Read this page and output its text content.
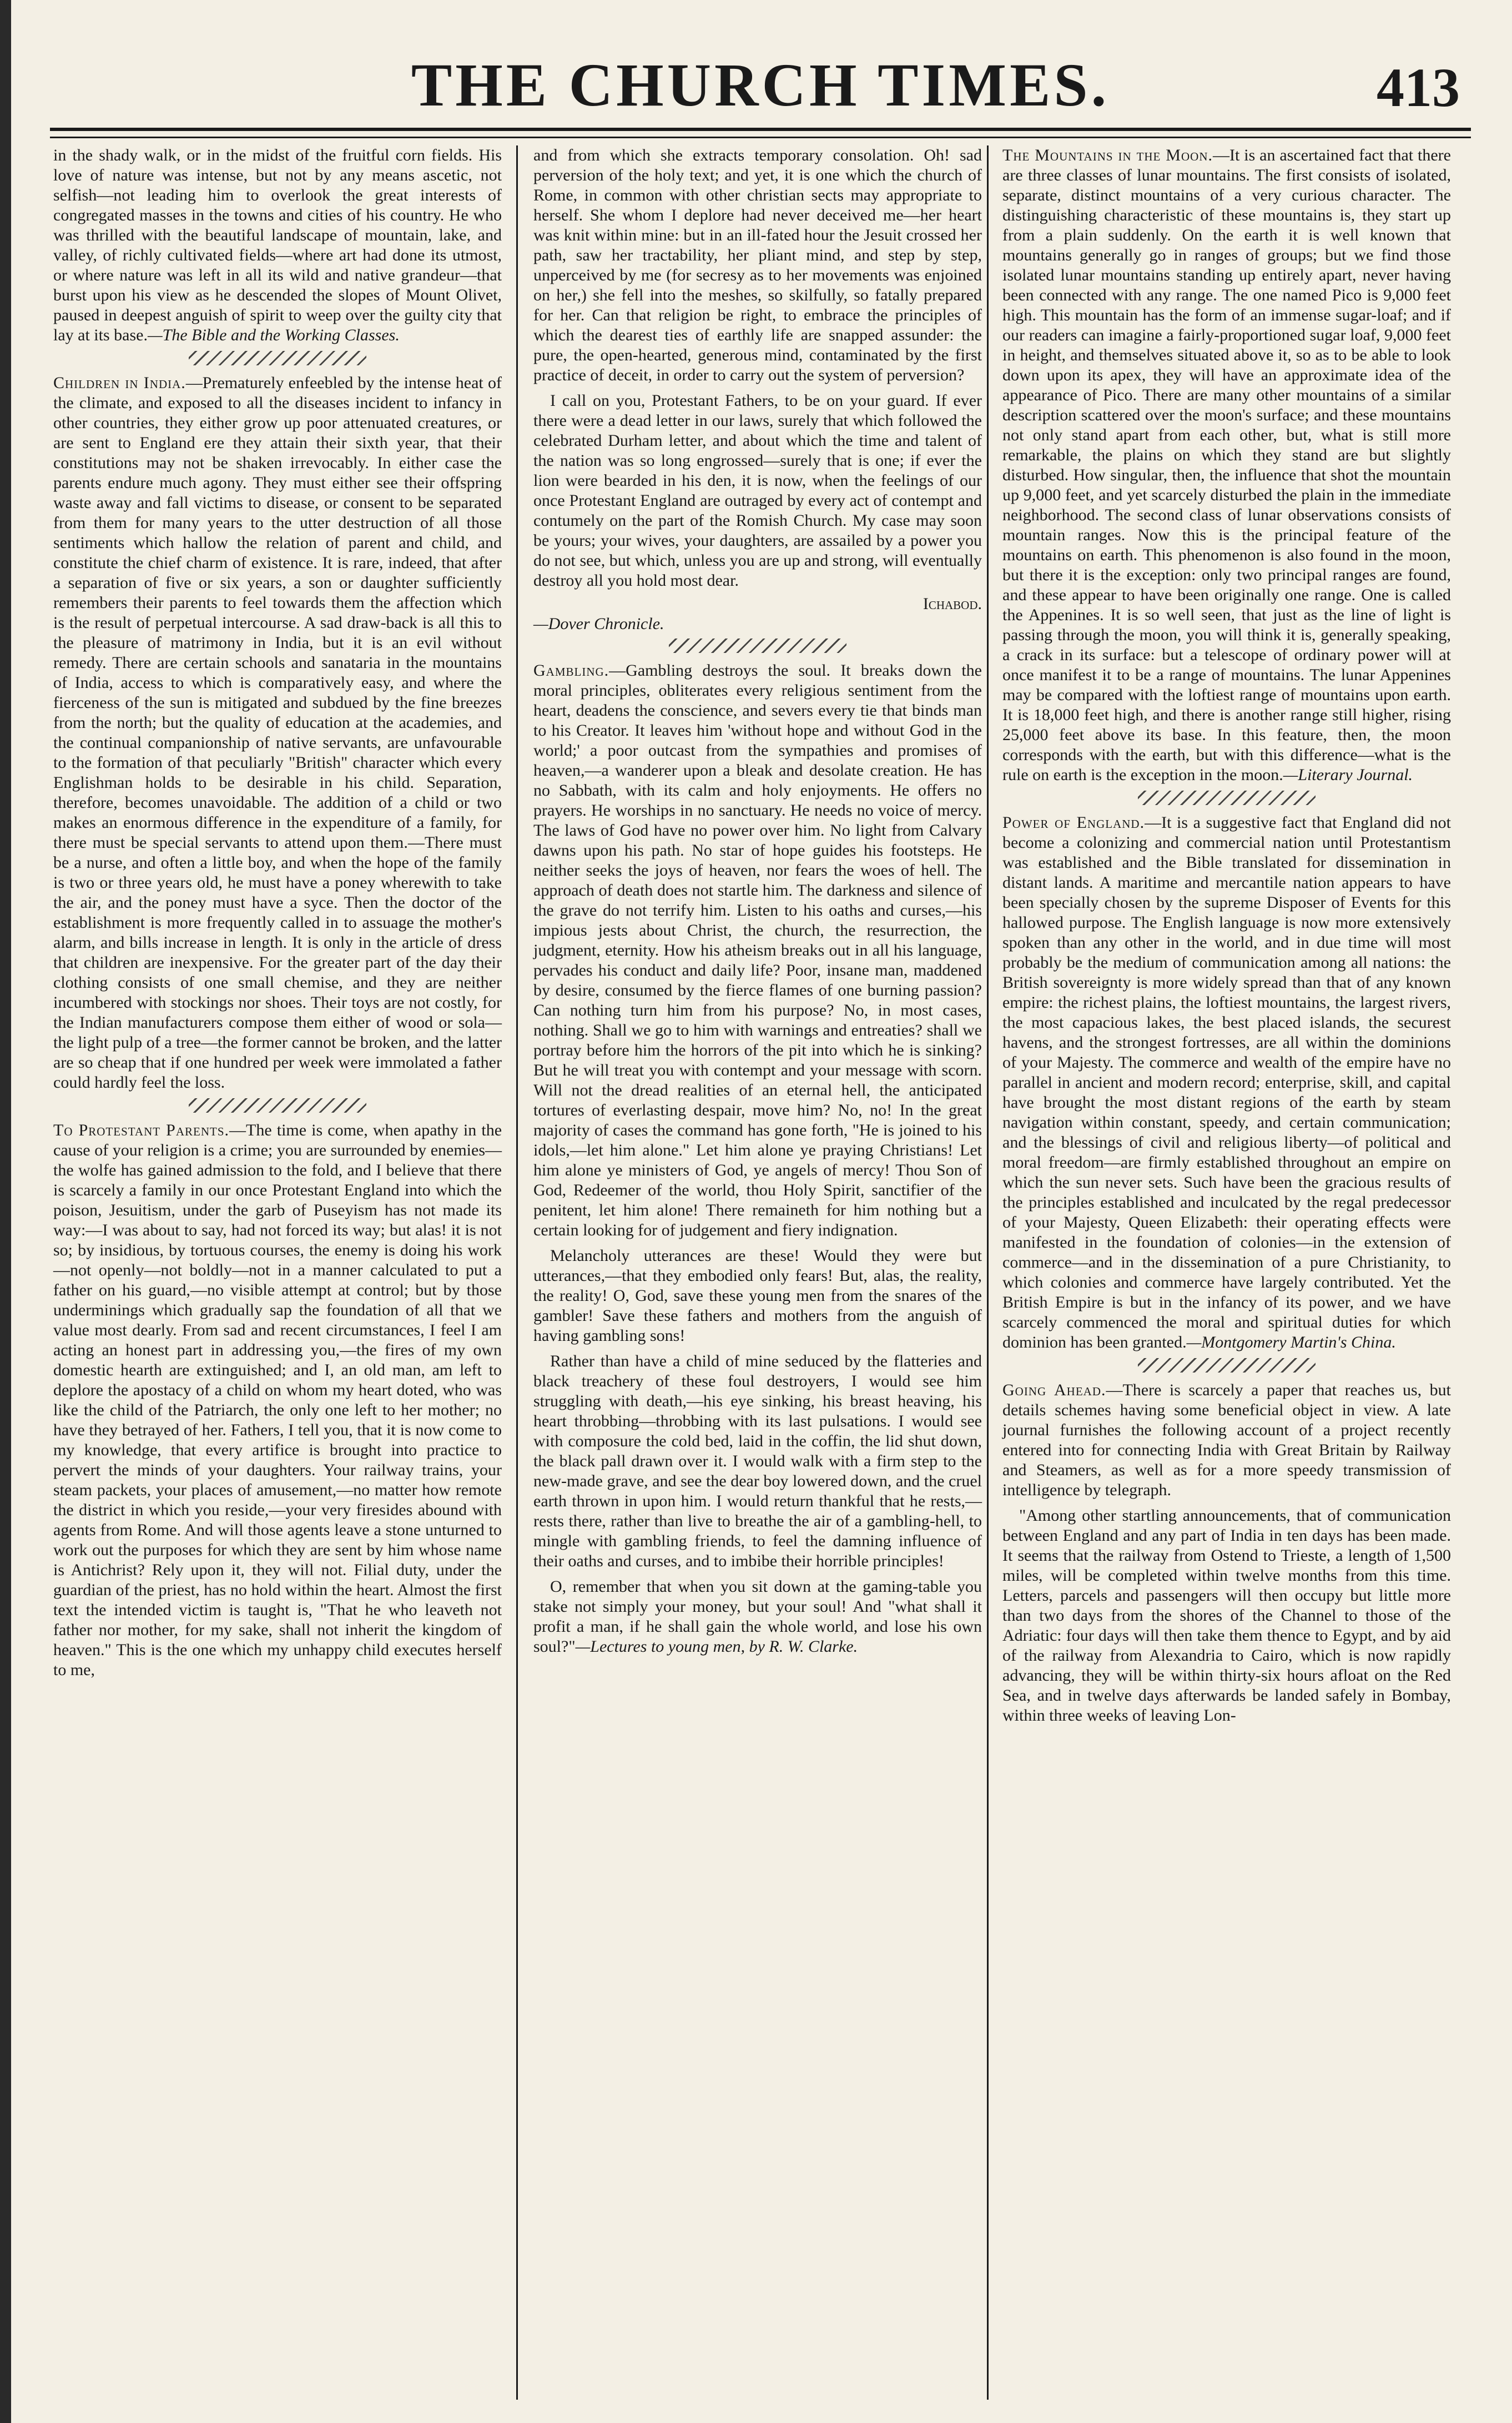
THE CHURCH TIMES.	413

in the shady walk, or in the midst of the fruitful corn fields. His love of nature was intense, but not by any means ascetic, not selfish—not leading him to overlook the great interests of congregated masses in the towns and cities of his country. He who was thrilled with the beautiful landscape of mountain, lake, and valley, of richly cultivated fields—where art had done its utmost, or where nature was left in all its wild and native grandeur—that burst upon his view as he descended the slopes of Mount Olivet, paused in deepest anguish of spirit to weep over the guilty city that lay at its base.—The Bible and the Working Classes.

Children in India.—Prematurely enfeebled by the intense heat of the climate, and exposed to all the diseases incident to infancy in other countries, they either grow up poor attenuated creatures, or are sent to England ere they attain their sixth year, that their constitutions may not be shaken irrevocably. In either case the parents endure much agony. They must either see their offspring waste away and fall victims to disease, or consent to be separated from them for many years to the utter destruction of all those sentiments which hallow the relation of parent and child, and constitute the chief charm of existence. It is rare, indeed, that after a separation of five or six years, a son or daughter sufficiently remembers their parents to feel towards them the affection which is the result of perpetual intercourse. A sad draw-back is all this to the pleasure of matrimony in India, but it is an evil without remedy. There are certain schools and sanataria in the mountains of India, access to which is comparatively easy, and where the fierceness of the sun is mitigated and subdued by the fine breezes from the north; but the quality of education at the academies, and the continual companionship of native servants, are unfavourable to the formation of that peculiarly "British" character which every Englishman holds to be desirable in his child. Separation, therefore, becomes unavoidable. The addition of a child or two makes an enormous difference in the expenditure of a family, for there must be special servants to attend upon them.—There must be a nurse, and often a little boy, and when the hope of the family is two or three years old, he must have a poney wherewith to take the air, and the poney must have a syce. Then the doctor of the establishment is more frequently called in to assuage the mother's alarm, and bills increase in length. It is only in the article of dress that children are inexpensive. For the greater part of the day their clothing consists of one small chemise, and they are neither incumbered with stockings nor shoes. Their toys are not costly, for the Indian manufacturers compose them either of wood or sola—the light pulp of a tree—the former cannot be broken, and the latter are so cheap that if one hundred per week were immolated a father could hardly feel the loss.

To Protestant Parents.—The time is come, when apathy in the cause of your religion is a crime; you are surrounded by enemies—the wolfe has gained admission to the fold, and I believe that there is scarcely a family in our once Protestant England into which the poison, Jesuitism, under the garb of Puseyism has not made its way:—I was about to say, had not forced its way; but alas! it is not so; by insidious, by tortuous courses, the enemy is doing his work—not openly—not boldly—not in a manner calculated to put a father on his guard,—no visible attempt at control; but by those underminings which gradually sap the foundation of all that we value most dearly. From sad and recent circumstances, I feel I am acting an honest part in addressing you,—the fires of my own domestic hearth are extinguished; and I, an old man, am left to deplore the apostacy of a child on whom my heart doted, who was like the child of the Patriarch, the only one left to her mother; no have they betrayed of her. Fathers, I tell you, that it is now come to my knowledge, that every artifice is brought into practice to pervert the minds of your daughters. Your railway trains, your steam packets, your places of amusement,—no matter how remote the district in which you reside,—your very firesides abound with agents from Rome. And will those agents leave a stone unturned to work out the purposes for which they are sent by him whose name is Antichrist? Rely upon it, they will not. Filial duty, under the guardian of the priest, has no hold within the heart. Almost the first text the intended victim is taught is, "That he who leaveth not father nor mother, for my sake, shall not inherit the kingdom of heaven." This is the one which my unhappy child executes herself to me,

and from which she extracts temporary consolation. Oh! sad perversion of the holy text; and yet, it is one which the church of Rome, in common with other christian sects may appropriate to herself. She whom I deplore had never deceived me—her heart was knit within mine: but in an ill-fated hour the Jesuit crossed her path, saw her tractability, her pliant mind, and step by step, unperceived by me (for secresy as to her movements was enjoined on her,) she fell into the meshes, so skilfully, so fatally prepared for her. Can that religion be right, to embrace the principles of which the dearest ties of earthly life are snapped assunder: the pure, the open-hearted, generous mind, contaminated by the first practice of deceit, in order to carry out the system of perversion?

I call on you, Protestant Fathers, to be on your guard. If ever there were a dead letter in our laws, surely that which followed the celebrated Durham letter, and about which the time and talent of the nation was so long engrossed—surely that is one; if ever the lion were bearded in his den, it is now, when the feelings of our once Protestant England are outraged by every act of contempt and contumely on the part of the Romish Church. My case may soon be yours; your wives, your daughters, are assailed by a power you do not see, but which, unless you are up and strong, will eventually destroy all you hold most dear.

Ichabod.
—Dover Chronicle.

Gambling.—Gambling destroys the soul. It breaks down the moral principles, obliterates every religious sentiment from the heart, deadens the conscience, and severs every tie that binds man to his Creator. It leaves him 'without hope and without God in the world;' a poor outcast from the sympathies and promises of heaven,—a wanderer upon a bleak and desolate creation. He has no Sabbath, with its calm and holy enjoyments. He offers no prayers. He worships in no sanctuary. He needs no voice of mercy. The laws of God have no power over him. No light from Calvary dawns upon his path. No star of hope guides his footsteps. He neither seeks the joys of heaven, nor fears the woes of hell. The approach of death does not startle him. The darkness and silence of the grave do not terrify him. Listen to his oaths and curses,—his impious jests about Christ, the church, the resurrection, the judgment, eternity. How his atheism breaks out in all his language, pervades his conduct and daily life? Poor, insane man, maddened by desire, consumed by the fierce flames of one burning passion? Can nothing turn him from his purpose? No, in most cases, nothing. Shall we go to him with warnings and entreaties? shall we portray before him the horrors of the pit into which he is sinking? But he will treat you with contempt and your message with scorn. Will not the dread realities of an eternal hell, the anticipated tortures of everlasting despair, move him? No, no! In the great majority of cases the command has gone forth, "He is joined to his idols,—let him alone." Let him alone ye praying Christians! Let him alone ye ministers of God, ye angels of mercy! Thou Son of God, Redeemer of the world, thou Holy Spirit, sanctifier of the penitent, let him alone! There remaineth for him nothing but a certain looking for of judgement and fiery indignation.

Melancholy utterances are these! Would they were but utterances,—that they embodied only fears! But, alas, the reality, the reality! O, God, save these young men from the snares of the gambler! Save these fathers and mothers from the anguish of having gambling sons!

Rather than have a child of mine seduced by the flatteries and black treachery of these foul destroyers, I would see him struggling with death,—his eye sinking, his breast heaving, his heart throbbing—throbbing with its last pulsations. I would see with composure the cold bed, laid in the coffin, the lid shut down, the black pall drawn over it. I would walk with a firm step to the new-made grave, and see the dear boy lowered down, and the cruel earth thrown in upon him. I would return thankful that he rests,—rests there, rather than live to breathe the air of a gambling-hell, to mingle with gambling friends, to feel the damning influence of their oaths and curses, and to imbibe their horrible principles!

O, remember that when you sit down at the gaming-table you stake not simply your money, but your soul! And "what shall it profit a man, if he shall gain the whole world, and lose his own soul?"—Lectures to young men, by R. W. Clarke.

The Mountains in the Moon.—It is an ascertained fact that there are three classes of lunar mountains. The first consists of isolated, separate, distinct mountains of a very curious character. The distinguishing characteristic of these mountains is, they start up from a plain suddenly. On the earth it is well known that mountains generally go in ranges of groups; but we find those isolated lunar mountains standing up entirely apart, never having been connected with any range. The one named Pico is 9,000 feet high. This mountain has the form of an immense sugar-loaf; and if our readers can imagine a fairly-proportioned sugar loaf, 9,000 feet in height, and themselves situated above it, so as to be able to look down upon its apex, they will have an approximate idea of the appearance of Pico. There are many other mountains of a similar description scattered over the moon's surface; and these mountains not only stand apart from each other, but, what is still more remarkable, the plains on which they stand are but slightly disturbed. How singular, then, the influence that shot the mountain up 9,000 feet, and yet scarcely disturbed the plain in the immediate neighborhood. The second class of lunar observations consists of mountain ranges. Now this is the principal feature of the mountains on earth. This phenomenon is also found in the moon, but there it is the exception: only two principal ranges are found, and these appear to have been originally one range. One is called the Appenines. It is so well seen, that just as the line of light is passing through the moon, you will think it is, generally speaking, a crack in its surface: but a telescope of ordinary power will at once manifest it to be a range of mountains. The lunar Appenines may be compared with the loftiest range of mountains upon earth. It is 18,000 feet high, and there is another range still higher, rising 25,000 feet above its base. In this feature, then, the moon corresponds with the earth, but with this difference—what is the rule on earth is the exception in the moon.—Literary Journal.

Power of England.—It is a suggestive fact that England did not become a colonizing and commercial nation until Protestantism was established and the Bible translated for dissemination in distant lands. A maritime and mercantile nation appears to have been specially chosen by the supreme Disposer of Events for this hallowed purpose. The English language is now more extensively spoken than any other in the world, and in due time will most probably be the medium of communication among all nations: the British sovereignty is more widely spread than that of any known empire: the richest plains, the loftiest mountains, the largest rivers, the most capacious lakes, the best placed islands, the securest havens, and the strongest fortresses, are all within the dominions of your Majesty. The commerce and wealth of the empire have no parallel in ancient and modern record; enterprise, skill, and capital have brought the most distant regions of the earth by steam navigation within constant, speedy, and certain communication; and the blessings of civil and religious liberty—of political and moral freedom—are firmly established throughout an empire on which the sun never sets. Such have been the gracious results of the principles established and inculcated by the regal predecessor of your Majesty, Queen Elizabeth: their operating effects were manifested in the foundation of colonies—in the extension of commerce—and in the dissemination of a pure Christianity, to which colonies and commerce have largely contributed. Yet the British Empire is but in the infancy of its power, and we have scarcely commenced the moral and spiritual duties for which dominion has been granted.—Montgomery Martin's China.

Going Ahead.—There is scarcely a paper that reaches us, but details schemes having some beneficial object in view. A late journal furnishes the following account of a project recently entered into for connecting India with Great Britain by Railway and Steamers, as well as for a more speedy transmission of intelligence by telegraph.

"Among other startling announcements, that of communication between England and any part of India in ten days has been made. It seems that the railway from Ostend to Trieste, a length of 1,500 miles, will be completed within twelve months from this time. Letters, parcels and passengers will then occupy but little more than two days from the shores of the Channel to those of the Adriatic: four days will then take them thence to Egypt, and by aid of the railway from Alexandria to Cairo, which is now rapidly advancing, they will be within thirty-six hours afloat on the Red Sea, and in twelve days afterwards be landed safely in Bombay, within three weeks of leaving Lon-
